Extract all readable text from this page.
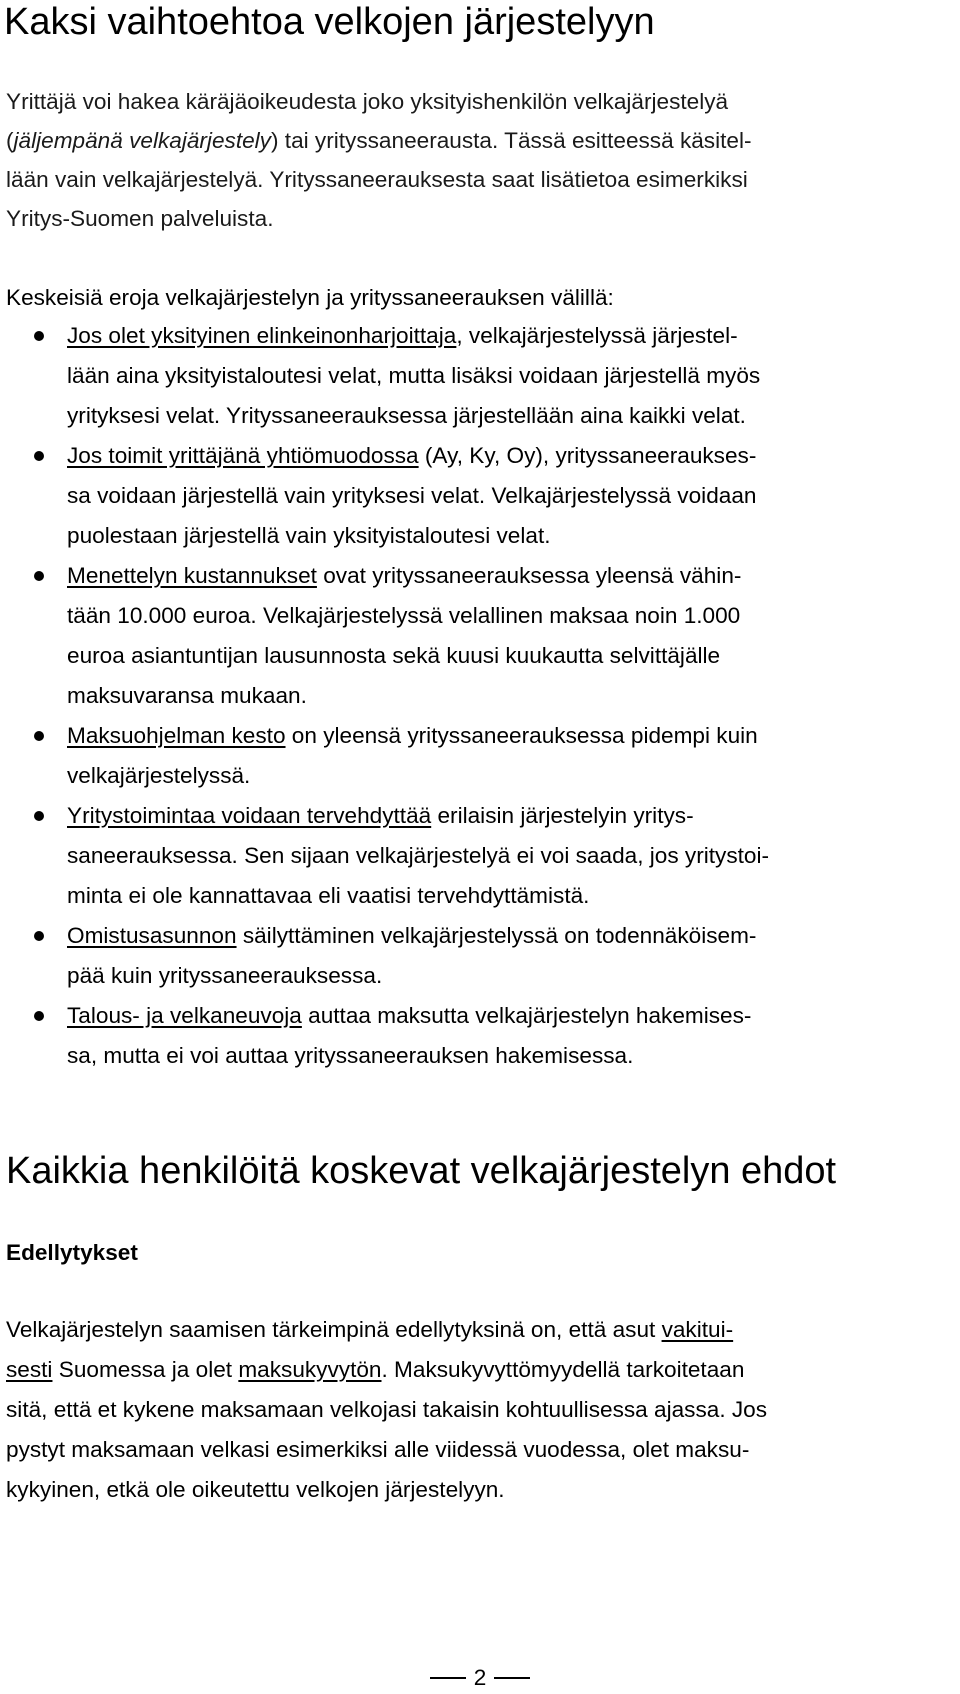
Kaksi vaihtoehtoa velkojen järjestelyyn
Yrittäjä voi hakea käräjäoikeudesta joko yksityishenkilön velkajärjestelyä
(jäljempänä velkajärjestely) tai yrityssaneerausta. Tässä esitteessä käsitel-
lään vain velkajärjestelyä. Yrityssaneerauksesta saat lisätietoa esimerkiksi
Yritys-Suomen palveluista.
Keskeisiä eroja velkajärjestelyn ja yrityssaneerauksen välillä:
Jos olet yksityinen elinkeinonharjoittaja, velkajärjestelyssä järjestel-
lään aina yksityistaloutesi velat, mutta lisäksi voidaan järjestellä myös
yrityksesi velat. Yrityssaneerauksessa järjestellään aina kaikki velat.
Jos toimit yrittäjänä yhtiömuodossa (Ay, Ky, Oy), yrityssaneeraukses-
sa voidaan järjestellä vain yrityksesi velat. Velkajärjestelyssä voidaan
puolestaan järjestellä vain yksityistaloutesi velat.
Menettelyn kustannukset ovat yrityssaneerauksessa yleensä vähin-
tään 10.000 euroa. Velkajärjestelyssä velallinen maksaa noin 1.000
euroa asiantuntijan lausunnosta sekä kuusi kuukautta selvittäjälle
maksuvaransa mukaan.
Maksuohjelman kesto on yleensä yrityssaneerauksessa pidempi kuin
velkajärjestelyssä.
Yritystoimintaa voidaan tervehdyttää erilaisin järjestelyin yritys-
saneerauksessa. Sen sijaan velkajärjestelyä ei voi saada, jos yritystoi-
minta ei ole kannattavaa eli vaatisi tervehdyttämistä.
Omistusasunnon säilyttäminen velkajärjestelyssä on todennäköisem-
pää kuin yrityssaneerauksessa.
Talous- ja velkaneuvoja auttaa maksutta velkajärjestelyn hakemises-
sa, mutta ei voi auttaa yrityssaneerauksen hakemisessa.
Kaikkia henkilöitä koskevat velkajärjestelyn ehdot
Edellytykset
Velkajärjestelyn saamisen tärkeimpinä edellytyksinä on, että asut vakitui-
sesti Suomessa ja olet maksukyvytön. Maksukyvyttömyydellä tarkoitetaan
sitä, että et kykene maksamaan velkojasi takaisin kohtuullisessa ajassa. Jos
pystyt maksamaan velkasi esimerkiksi alle viidessä vuodessa, olet maksu-
kykyinen, etkä ole oikeutettu velkojen järjestelyyn.
2
